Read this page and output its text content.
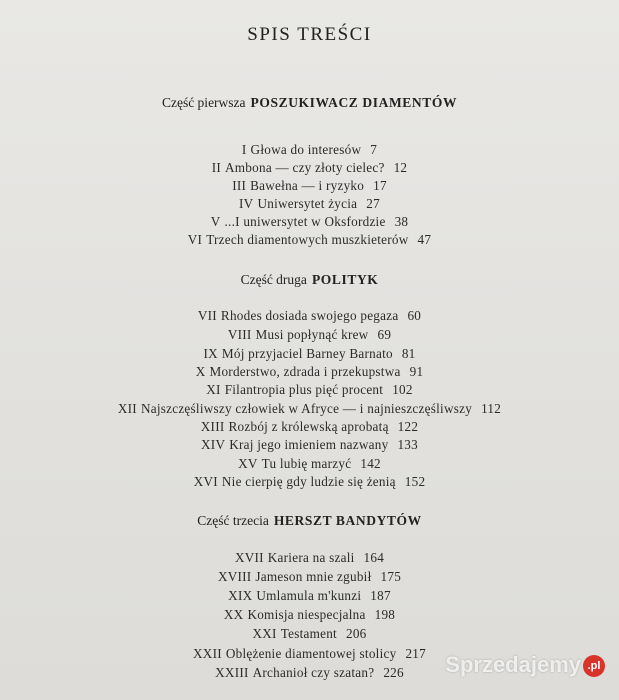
SPIS TREŚCI
Część pierwsza POSZUKIWACZ DIAMENTÓW
I Głowa do interesów 7
II Ambona — czy złoty cielec? 12
III Bawełna — i ryzyko 17
IV Uniwersytet życia 27
V ...I uniwersytet w Oksfordzie 38
VI Trzech diamentowych muszkieterów 47
Część druga POLITYK
VII Rhodes dosiada swojego pegaza 60
VIII Musi popłynąć krew 69
IX Mój przyjaciel Barney Barnato 81
X Morderstwo, zdrada i przekupstwa 91
XI Filantropia plus pięć procent 102
XII Najszczęśliwszy człowiek w Afryce — i najnieszczęśliwszy 112
XIII Rozbój z królewską aprobatą 122
XIV Kraj jego imieniem nazwany 133
XV Tu lubię marzyć 142
XVI Nie cierpię gdy ludzie się żenią 152
Część trzecia HERSZT BANDYTÓW
XVII Kariera na szali 164
XVIII Jameson mnie zgubił 175
XIX Umlamula m'kunzi 187
XX Komisja niespecjalna 198
XXI Testament 206
XXII Oblężenie diamentowej stolicy 217
XXIII Archanioł czy szatan? 226	Sprzedajemy .pl
